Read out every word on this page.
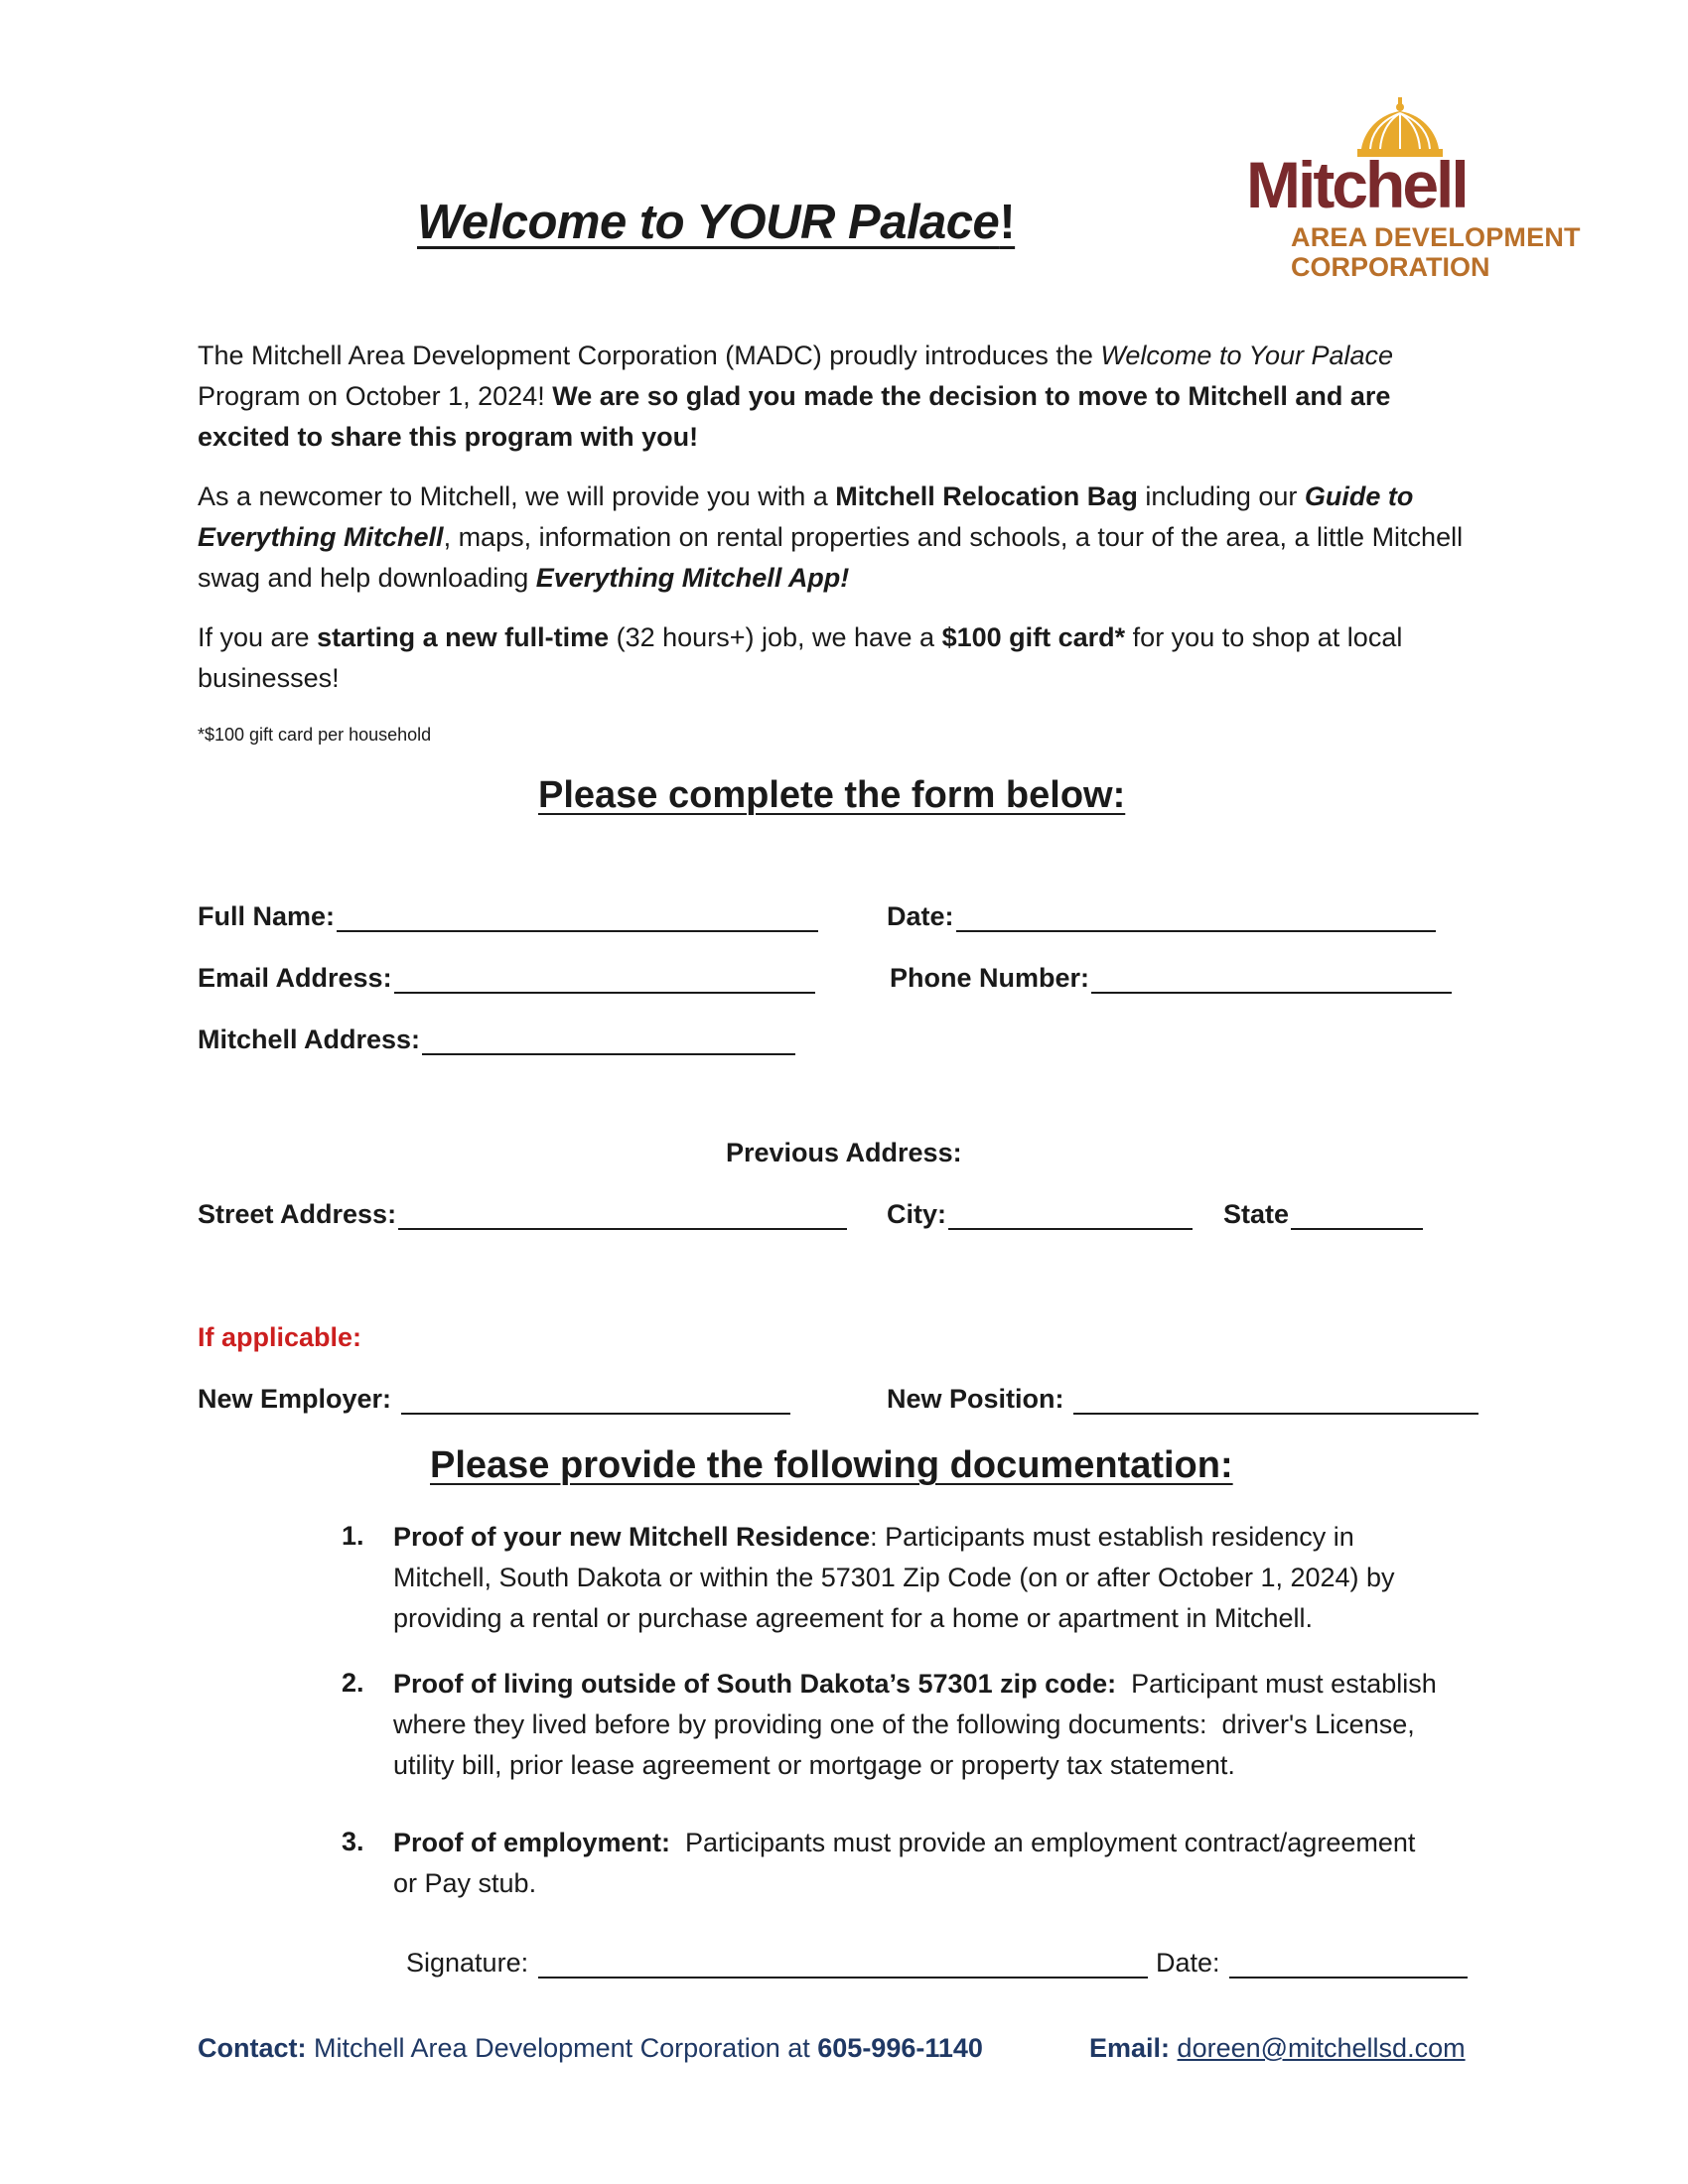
Welcome to YOUR Palace!
Mitchell
AREA DEVELOPMENT
CORPORATION

The Mitchell Area Development Corporation (MADC) proudly introduces the Welcome to Your Palace Program on October 1, 2024! We are so glad you made the decision to move to Mitchell and are excited to share this program with you!

As a newcomer to Mitchell, we will provide you with a Mitchell Relocation Bag including our Guide to Everything Mitchell, maps, information on rental properties and schools, a tour of the area, a little Mitchell swag and help downloading Everything Mitchell App!

If you are starting a new full-time (32 hours+) job, we have a $100 gift card* for you to shop at local businesses!

*$100 gift card per household
Please complete the form below:
Full Name:	Date:
Email Address:	Phone Number:
Mitchell Address:
Previous Address:
Street Address:	City:	State
If applicable:
New Employer:	New Position:
Please provide the following documentation:
1. Proof of your new Mitchell Residence: Participants must establish residency in Mitchell, South Dakota or within the 57301 Zip Code (on or after October 1, 2024) by providing a rental or purchase agreement for a home or apartment in Mitchell.
2. Proof of living outside of South Dakota’s 57301 zip code:  Participant must establish where they lived before by providing one of the following documents:  driver's License, utility bill, prior lease agreement or mortgage or property tax statement.
3. Proof of employment:  Participants must provide an employment contract/agreement or Pay stub.
Signature:	Date:
Contact: Mitchell Area Development Corporation at 605-996-1140	Email: doreen@mitchellsd.com
